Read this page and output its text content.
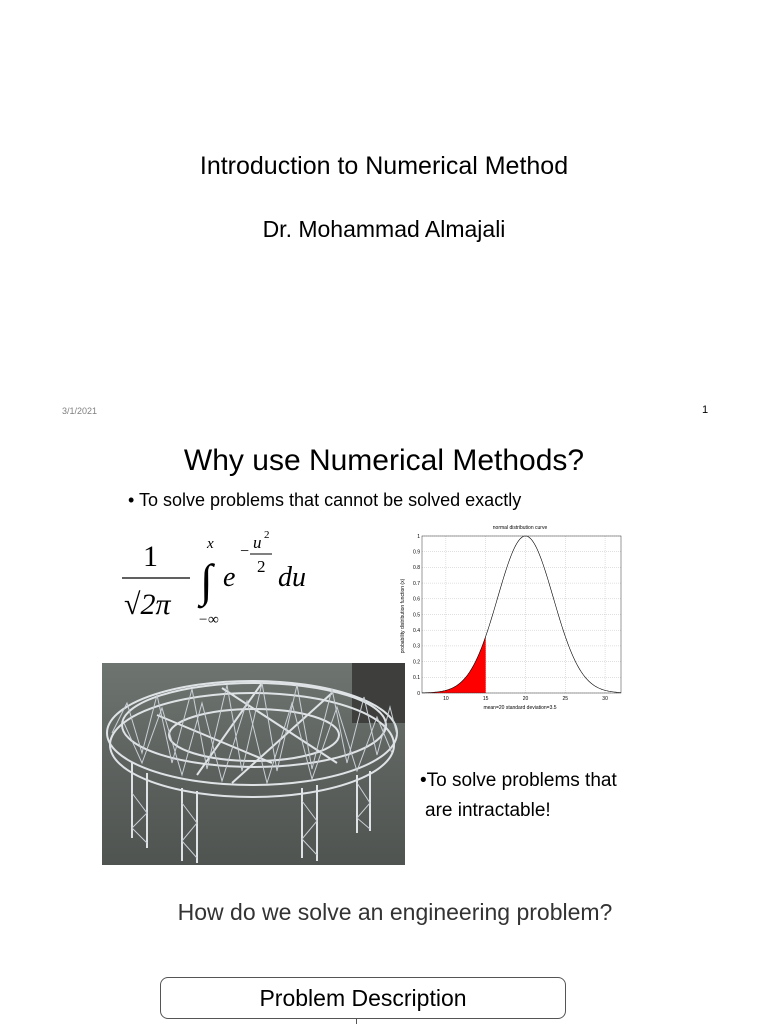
Introduction to Numerical Method
Dr. Mohammad Almajali
3/1/2021	1
Why use Numerical Methods?
• To solve problems that cannot be solved exactly
1
√2π ∫
x
−∞
e
− u 2
2 du
normal distribution curve
probability distribution function (x)
mean=20 standard deviation=3.5
10	15	20	25	30
0
0.1
0.2
0.3
0.4
0.5
0.6
0.7
0.8
0.9
1
•To solve problems that
are intractable!
How do we solve an engineering problem?
Problem Description
